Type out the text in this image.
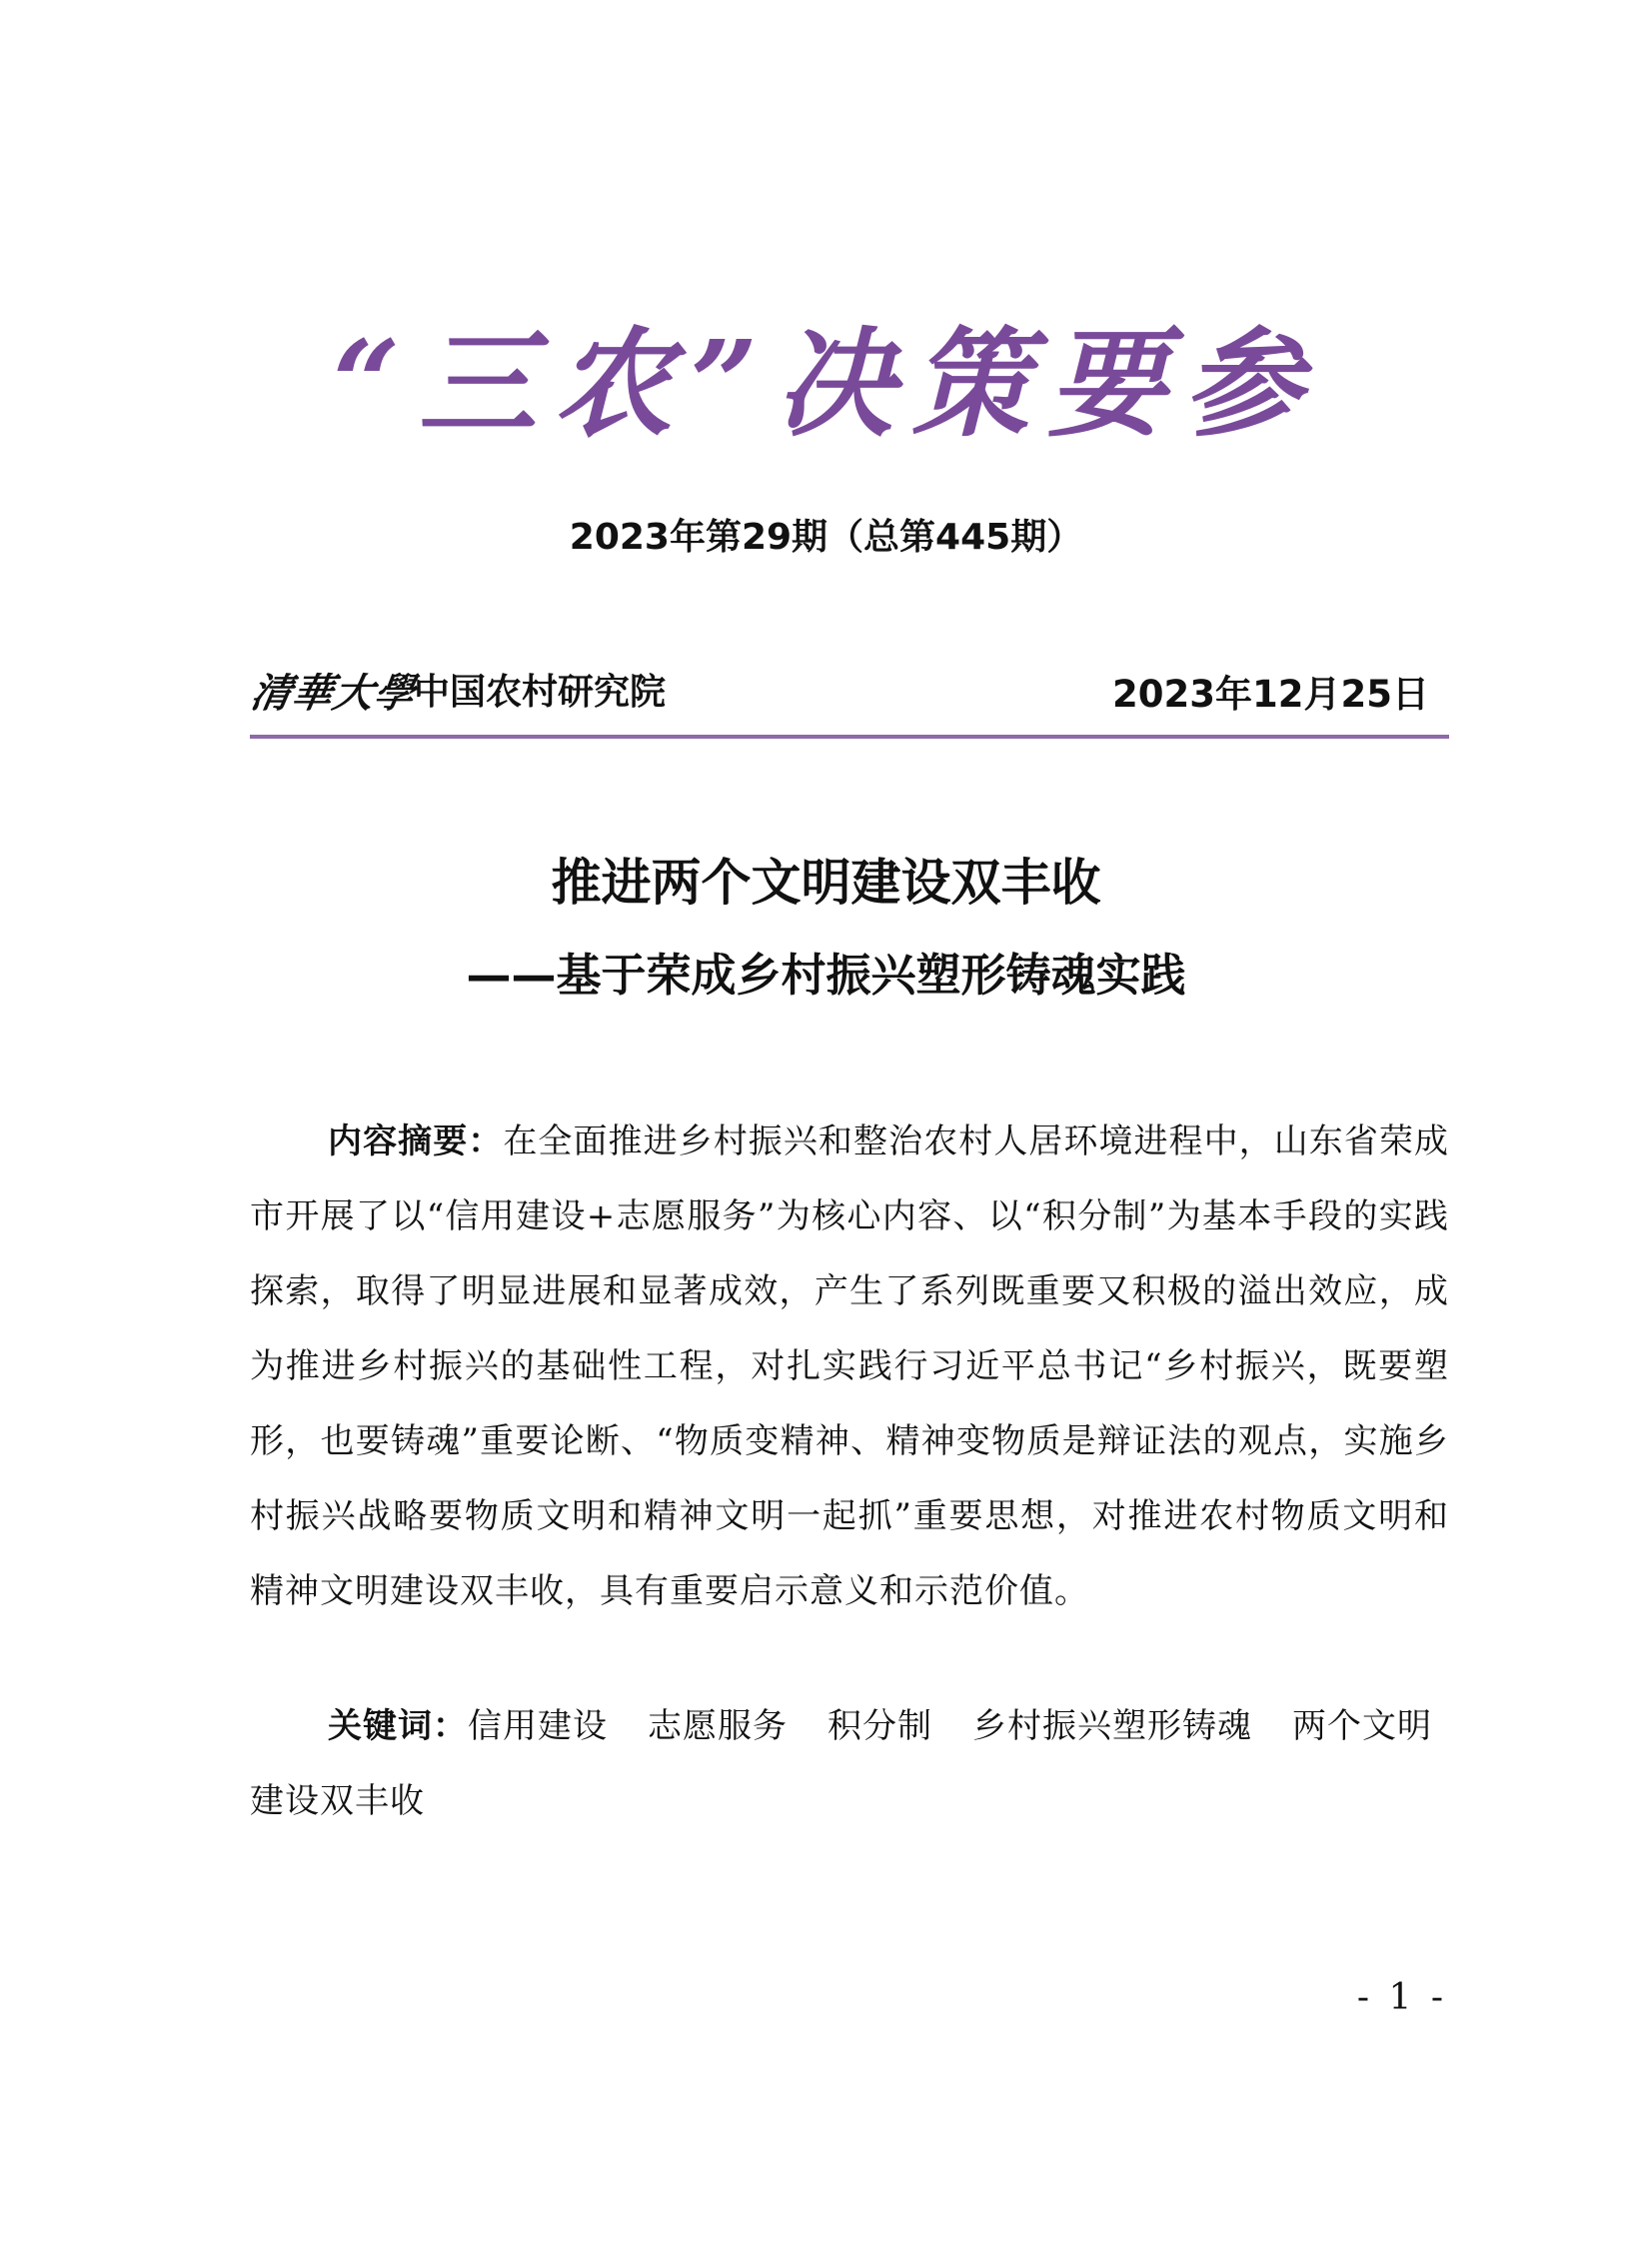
“三农”决策要参
2023年第29期（总第445期）
清華大學
中国农村研究院	2023年12月25日
推进两个文明建设双丰收
——基于荣成乡村振兴塑形铸魂实践

内容摘要：在全面推进乡村振兴和整治农村人居环境进程中，山东省荣成市开展了以“信用建设+志愿服务”为核心内容、以“积分制”为基本手段的实践探索，取得了明显进展和显著成效，产生了系列既重要又积极的溢出效应，成为推进乡村振兴的基础性工程，对扎实践行习近平总书记“乡村振兴，既要塑形，也要铸魂”重要论断、“物质变精神、精神变物质是辩证法的观点，实施乡村振兴战略要物质文明和精神文明一起抓”重要思想，对推进农村物质文明和精神文明建设双丰收，具有重要启示意义和示范价值。

关键词：信用建设 志愿服务 积分制 乡村振兴塑形铸魂 两个文明建设双丰收

- 1 -
